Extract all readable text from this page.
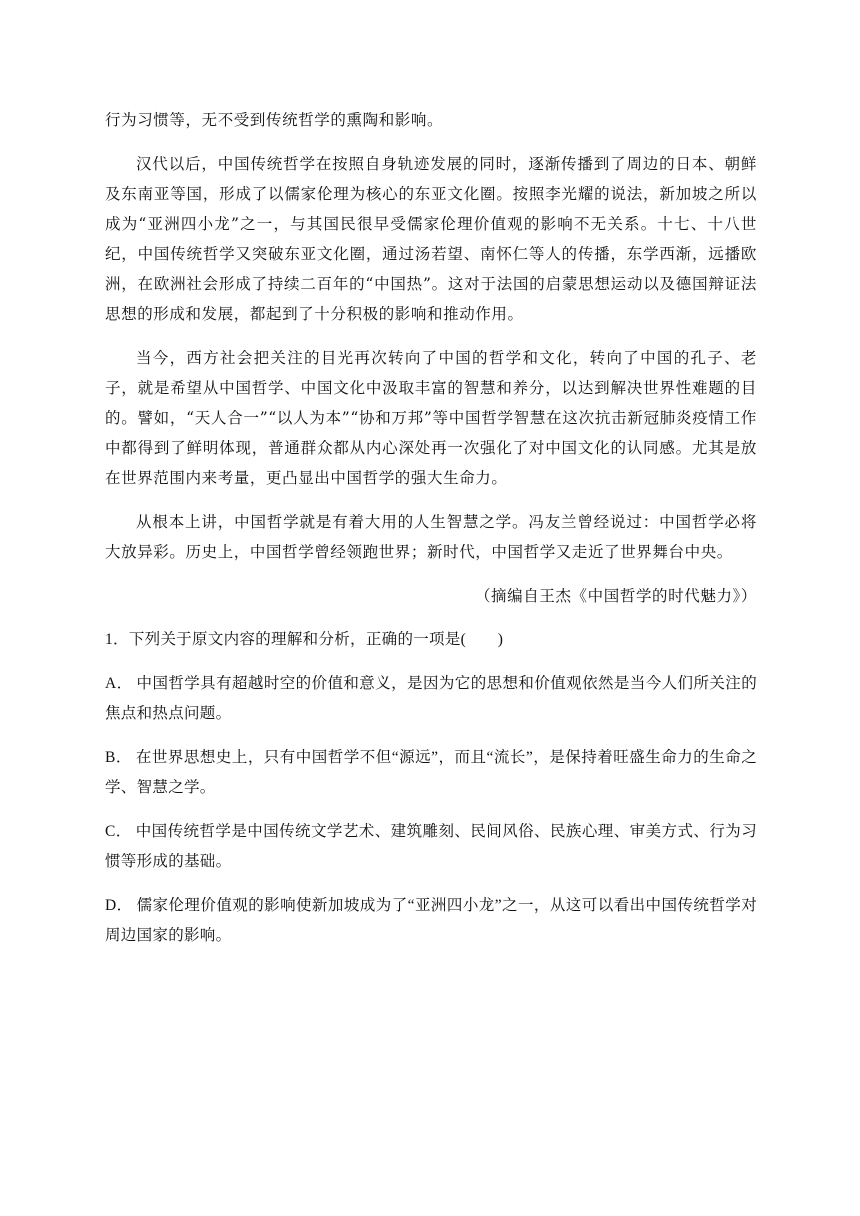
行为习惯等，无不受到传统哲学的熏陶和影响。

汉代以后，中国传统哲学在按照自身轨迹发展的同时，逐渐传播到了周边的日本、朝鲜及东南亚等国，形成了以儒家伦理为核心的东亚文化圈。按照李光耀的说法，新加坡之所以成为“亚洲四小龙”之一，与其国民很早受儒家伦理价值观的影响不无关系。十七、十八世纪，中国传统哲学又突破东亚文化圈，通过汤若望、南怀仁等人的传播，东学西渐，远播欧洲，在欧洲社会形成了持续二百年的“中国热”。这对于法国的启蒙思想运动以及德国辩证法思想的形成和发展，都起到了十分积极的影响和推动作用。

当今，西方社会把关注的目光再次转向了中国的哲学和文化，转向了中国的孔子、老子，就是希望从中国哲学、中国文化中汲取丰富的智慧和养分，以达到解决世界性难题的目的。譬如，“天人合一”“以人为本”“协和万邦”等中国哲学智慧在这次抗击新冠肺炎疫情工作中都得到了鲜明体现，普通群众都从内心深处再一次强化了对中国文化的认同感。尤其是放在世界范围内来考量，更凸显出中国哲学的强大生命力。

从根本上讲，中国哲学就是有着大用的人生智慧之学。冯友兰曾经说过：中国哲学必将大放异彩。历史上，中国哲学曾经领跑世界；新时代，中国哲学又走近了世界舞台中央。

（摘编自王杰《中国哲学的时代魅力》）

1．下列关于原文内容的理解和分析，正确的一项是(　　)

A． 中国哲学具有超越时空的价值和意义，是因为它的思想和价值观依然是当今人们所关注的焦点和热点问题。

B． 在世界思想史上，只有中国哲学不但“源远”，而且“流长”，是保持着旺盛生命力的生命之学、智慧之学。

C． 中国传统哲学是中国传统文学艺术、建筑雕刻、民间风俗、民族心理、审美方式、行为习惯等形成的基础。

D． 儒家伦理价值观的影响使新加坡成为了“亚洲四小龙”之一，从这可以看出中国传统哲学对周边国家的影响。
